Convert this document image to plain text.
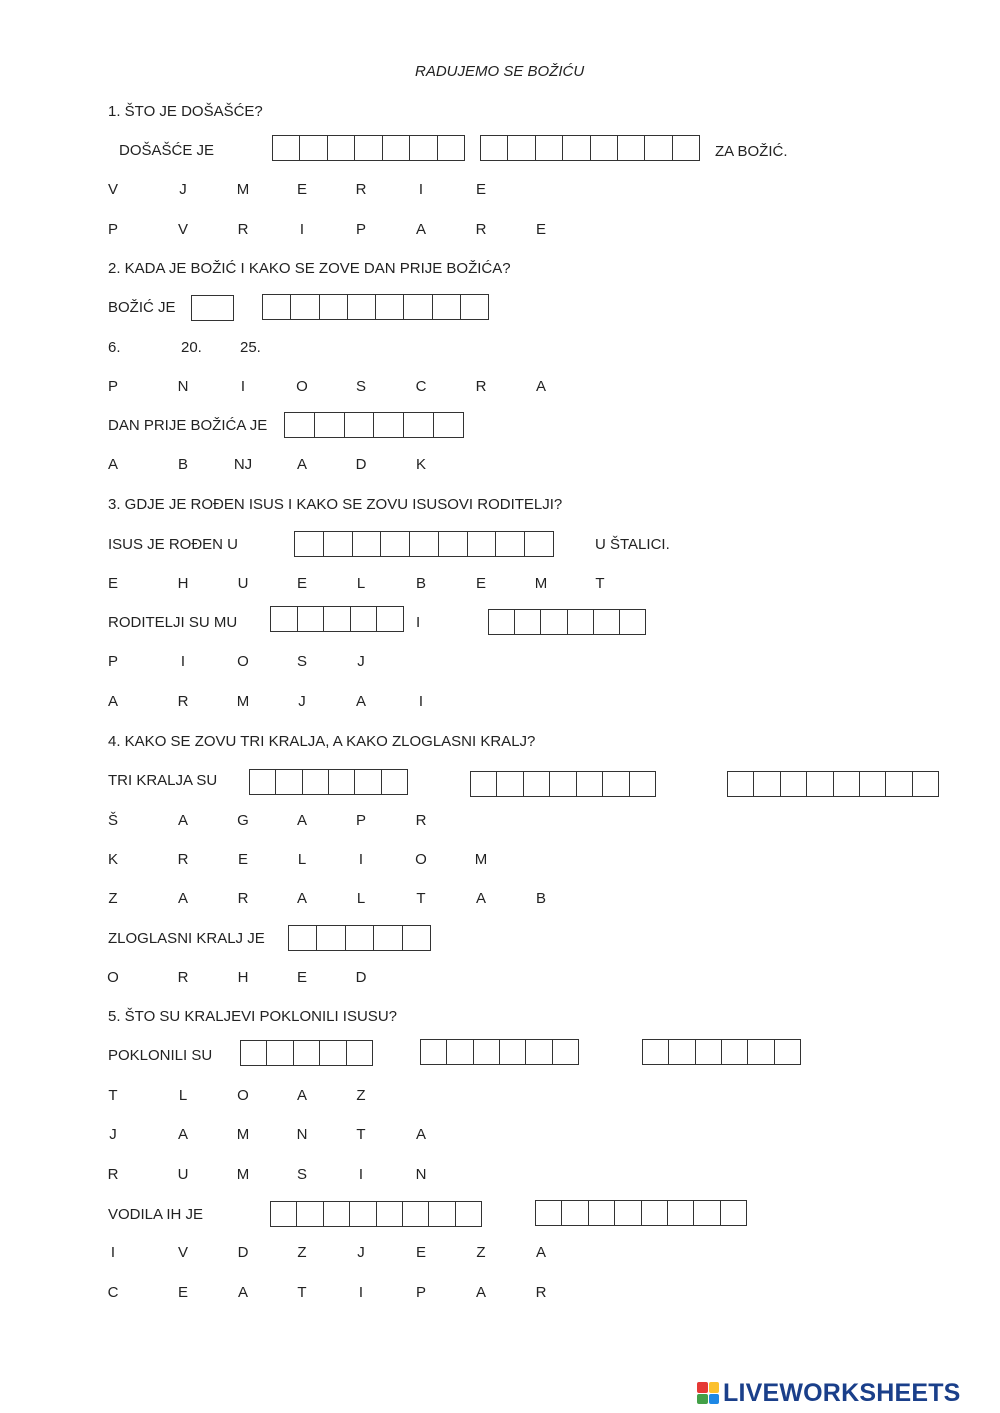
RADUJEMO SE BOŽIĆU
1. ŠTO JE DOŠAŠĆE?
DOŠAŠĆE JE	ZA BOŽIĆ.
2. KADA JE BOŽIĆ I KAKO SE ZOVE DAN PRIJE BOŽIĆA?
BOŽIĆ JE
6.	20.	25.
DAN PRIJE BOŽIĆA JE
3. GDJE JE ROĐEN ISUS I KAKO SE ZOVU ISUSOVI RODITELJI?
ISUS JE ROĐEN U	U ŠTALICI.
RODITELJI SU MU	I
4. KAKO SE ZOVU TRI KRALJA, A KAKO ZLOGLASNI KRALJ?
TRI KRALJA SU
ZLOGLASNI KRALJ JE
5. ŠTO SU KRALJEVI POKLONILI ISUSU?
POKLONILI SU
VODILA IH JE
LIVEWORKSHEETS
V	J	M	E	R	I	E
P	V	R	I	P	A	R	E
P	N	I	O	S	C	R	A
A	B	NJ	A	D	K
E	H	U	E	L	B	E	M	T
P	I	O	S	J
A	R	M	J	A	I
Š	A	G	A	P	R
K	R	E	L	I	O	M
Z	A	R	A	L	T	A	B
O	R	H	E	D
T	L	O	A	Z
J	A	M	N	T	A
R	U	M	S	I	N
I	V	D	Z	J	E	Z	A
C	E	A	T	I	P	A	R
